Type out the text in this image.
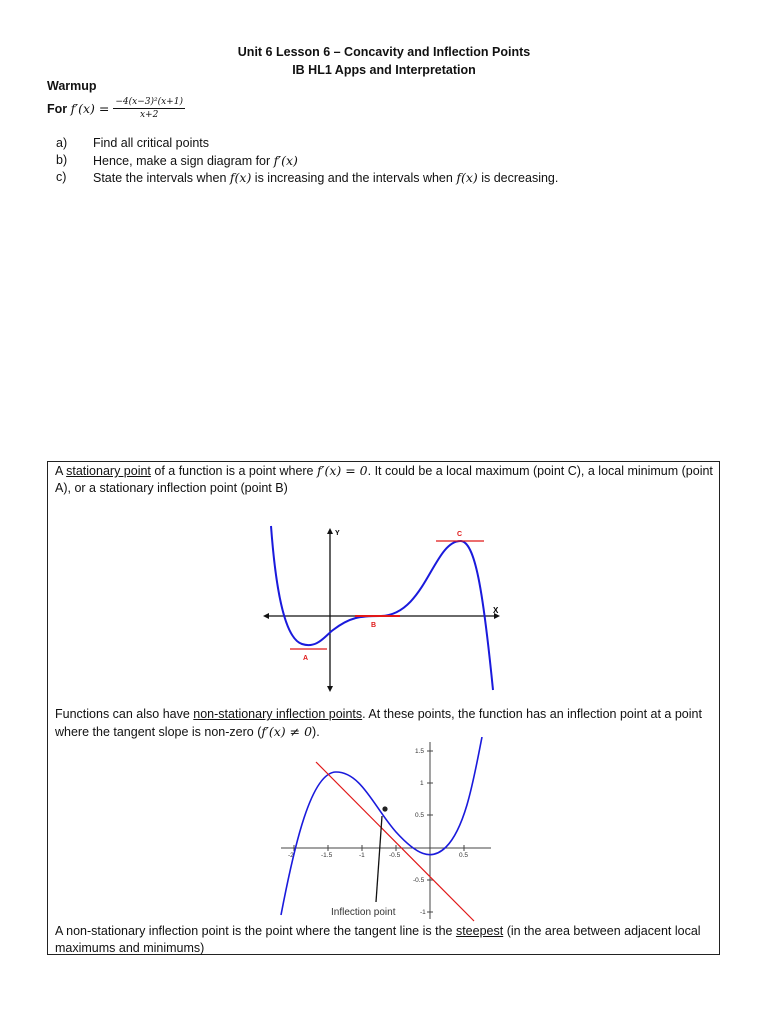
Unit 6 Lesson 6 – Concavity and Inflection Points
IB HL1 Apps and Interpretation
Warmup
For
$f'(x) = \frac{\text{−4(x−3)²(x+1)}}{x+2}$
a)	Find all critical points
b)	Hence, make a sign diagram for f′(x)
c)	State the intervals when f(x) is increasing and the intervals when f(x) is decreasing.
A stationary point of a function is a point where f′(x) = 0. It could be a local maximum (point C), a local minimum (point A), or a stationary inflection point (point B)
Y
X
A
B
C
Functions can also have non-stationary inflection points. At these points, the function has an inflection point at a point where the tangent slope is non-zero (f′(x) ≠ 0).
-2	-1.5	-1	-0.5	0.5
1.5
1
0.5
-0.5
-1
Inflection point
A non-stationary inflection point is the point where the tangent line is the steepest (in the area between adjacent local maximums and minimums)
